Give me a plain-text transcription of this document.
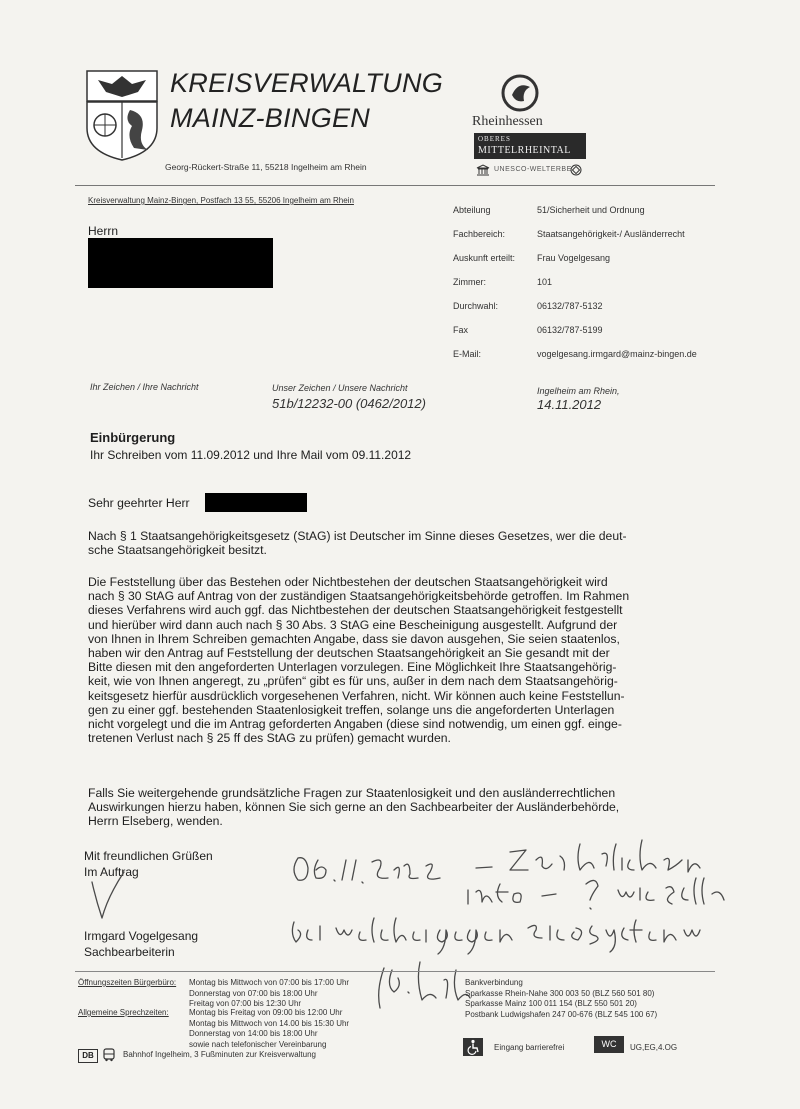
KREISVERWALTUNG
MAINZ-BINGEN
Georg-Rückert-Straße 11, 55218 Ingelheim am Rhein
Rheinhessen
OBERES
MITTELRHEINTAL
UNESCO-WELTERBE
Kreisverwaltung Mainz-Bingen, Postfach 13 55, 55206 Ingelheim am Rhein
Herrn
Abteilung	51/Sicherheit und Ordnung
Fachbereich:	Staatsangehörigkeit-/ Ausländerrecht
Auskunft erteilt: Frau Vogelgesang
Zimmer:	101
Durchwahl:	06132/787-5132
Fax	06132/787-5199
E-Mail:	vogelgesang.irmgard@mainz-bingen.de
Ihr Zeichen / Ihre Nachricht	Unser Zeichen / Unsere Nachricht
51b/12232-00 (0462/2012)
Ingelheim am Rhein,
14.11.2012
Einbürgerung
Ihr Schreiben vom 11.09.2012 und Ihre Mail vom 09.11.2012
Sehr geehrter Herr
Nach § 1 Staatsangehörigkeitsgesetz (StAG) ist Deutscher im Sinne dieses Gesetzes, wer die deut-
sche Staatsangehörigkeit besitzt.
Die Feststellung über das Bestehen oder Nichtbestehen der deutschen Staatsangehörigkeit wird
nach § 30 StAG auf Antrag von der zuständigen Staatsangehörigkeitsbehörde getroffen. Im Rahmen
dieses Verfahrens wird auch ggf. das Nichtbestehen der deutschen Staatsangehörigkeit festgestellt
und hierüber wird dann auch nach § 30 Abs. 3 StAG eine Bescheinigung ausgestellt. Aufgrund der
von Ihnen in Ihrem Schreiben gemachten Angabe, dass sie davon ausgehen, Sie seien staatenlos,
haben wir den Antrag auf Feststellung der deutschen Staatsangehörigkeit an Sie gesandt mit der
Bitte diesen mit den angeforderten Unterlagen vorzulegen. Eine Möglichkeit Ihre Staatsangehörig-
keit, wie von Ihnen angeregt, zu „prüfen“ gibt es für uns, außer in dem nach dem Staatsangehörig-
keitsgesetz hierfür ausdrücklich vorgesehenen Verfahren, nicht. Wir können auch keine Feststellun-
gen zu einer ggf. bestehenden Staatenlosigkeit treffen, solange uns die angeforderten Unterlagen
nicht vorgelegt und die im Antrag geforderten Angaben (diese sind notwendig, um einen ggf. einge-
tretenen Verlust nach § 25 ff des StAG zu prüfen) gemacht wurden.
Falls Sie weitergehende grundsätzliche Fragen zur Staatenlosigkeit und den ausländerrechtlichen
Auswirkungen hierzu haben, können Sie sich gerne an den Sachbearbeiter der Ausländerbehörde,
Herrn Elseberg, wenden.
Mit freundlichen Grüßen
Im Auftrag
Irmgard Vogelgesang
Sachbearbeiterin
Öffnungszeiten Bürgerbüro: Montag bis Mittwoch von 07:00 bis 17:00 Uhr
Donnerstag von 07:00 bis 18:00 Uhr
Freitag von 07:00 bis 12:30 Uhr
Allgemeine Sprechzeiten:	Montag bis Freitag von 09:00 bis 12:00 Uhr
Montag bis Mittwoch von 14.00 bis 15:30 Uhr
Donnerstag von 14:00 bis 18:00 Uhr
sowie nach telefonischer Vereinbarung
Bankverbindung
Sparkasse Rhein-Nahe 300 003 50 (BLZ 560 501 80)
Sparkasse Mainz 100 011 154 (BLZ 550 501 20)
Postbank Ludwigshafen 247 00-676 (BLZ 545 100 67)
DB	Bahnhof Ingelheim, 3 Fußminuten zur Kreisverwaltung
Eingang barrierefrei	WC	UG,EG,4.OG
